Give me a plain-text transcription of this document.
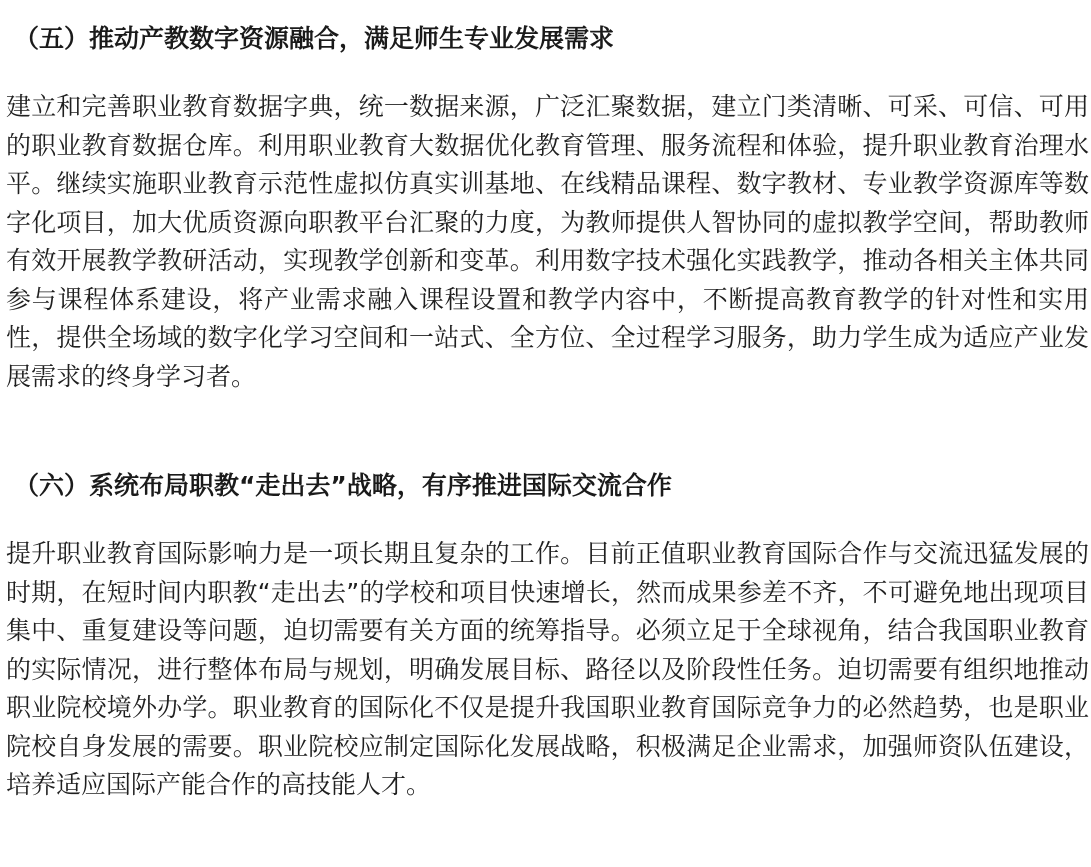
（五）推动产教数字资源融合，满足师生专业发展需求

建立和完善职业教育数据字典，统一数据来源，广泛汇聚数据，建立门类清晰、可采、可信、可用的职业教育数据仓库。利用职业教育大数据优化教育管理、服务流程和体验，提升职业教育治理水平。继续实施职业教育示范性虚拟仿真实训基地、在线精品课程、数字教材、专业教学资源库等数字化项目，加大优质资源向职教平台汇聚的力度，为教师提供人智协同的虚拟教学空间，帮助教师有效开展教学教研活动，实现教学创新和变革。利用数字技术强化实践教学，推动各相关主体共同参与课程体系建设，将产业需求融入课程设置和教学内容中，不断提高教育教学的针对性和实用性，提供全场域的数字化学习空间和一站式、全方位、全过程学习服务，助力学生成为适应产业发展需求的终身学习者。

（六）系统布局职教“走出去”战略，有序推进国际交流合作

提升职业教育国际影响力是一项长期且复杂的工作。目前正值职业教育国际合作与交流迅猛发展的时期，在短时间内职教“走出去”的学校和项目快速增长，然而成果参差不齐，不可避免地出现项目集中、重复建设等问题，迫切需要有关方面的统筹指导。必须立足于全球视角，结合我国职业教育的实际情况，进行整体布局与规划，明确发展目标、路径以及阶段性任务。迫切需要有组织地推动职业院校境外办学。职业教育的国际化不仅是提升我国职业教育国际竞争力的必然趋势，也是职业院校自身发展的需要。职业院校应制定国际化发展战略，积极满足企业需求，加强师资队伍建设，培养适应国际产能合作的高技能人才。
